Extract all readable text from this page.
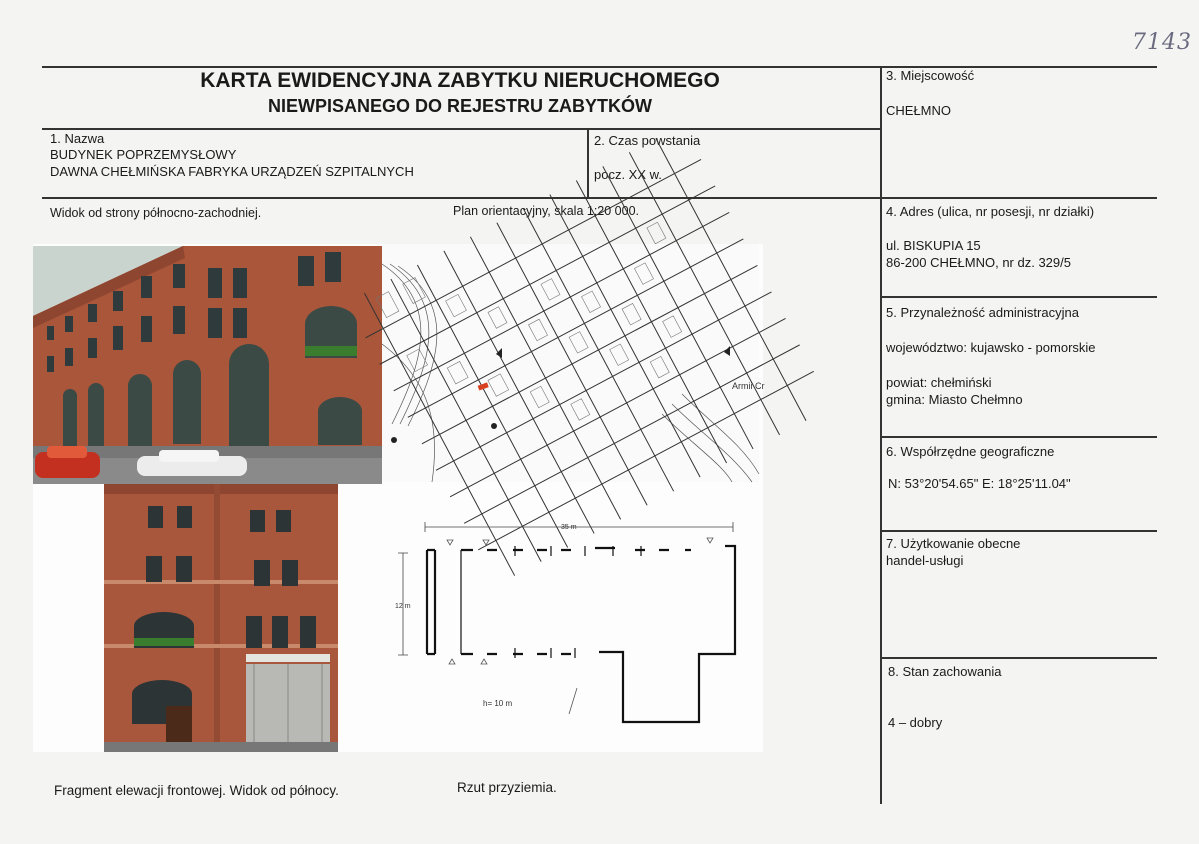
7143
KARTA EWIDENCYJNA ZABYTKU NIERUCHOMEGO
NIEWPISANEGO DO REJESTRU ZABYTKÓW
1. Nazwa
BUDYNEK POPRZEMYSŁOWY
DAWNA CHEŁMIŃSKA FABRYKA URZĄDZEŃ SZPITALNYCH
2. Czas powstania
pocz. XX w.
3. Miejscowość
CHEŁMNO
4. Adres (ulica, nr posesji, nr działki)
ul. BISKUPIA 15
86-200 CHEŁMNO, nr dz. 329/5
5. Przynależność administracyjna
województwo: kujawsko - pomorskie
powiat: chełmiński
gmina: Miasto Chełmno
6. Współrzędne geograficzne
N: 53°20'54.65" E: 18°25'11.04"
7. Użytkowanie obecne
handel-usługi
8. Stan zachowania
4 – dobry
Widok od strony północno-zachodniej.	Plan orientacyjny, skala 1:20 000.
Fragment elewacji frontowej. Widok od północy.	Rzut przyziemia.
Armii Cr
35 m
12 m
h= 10 m
